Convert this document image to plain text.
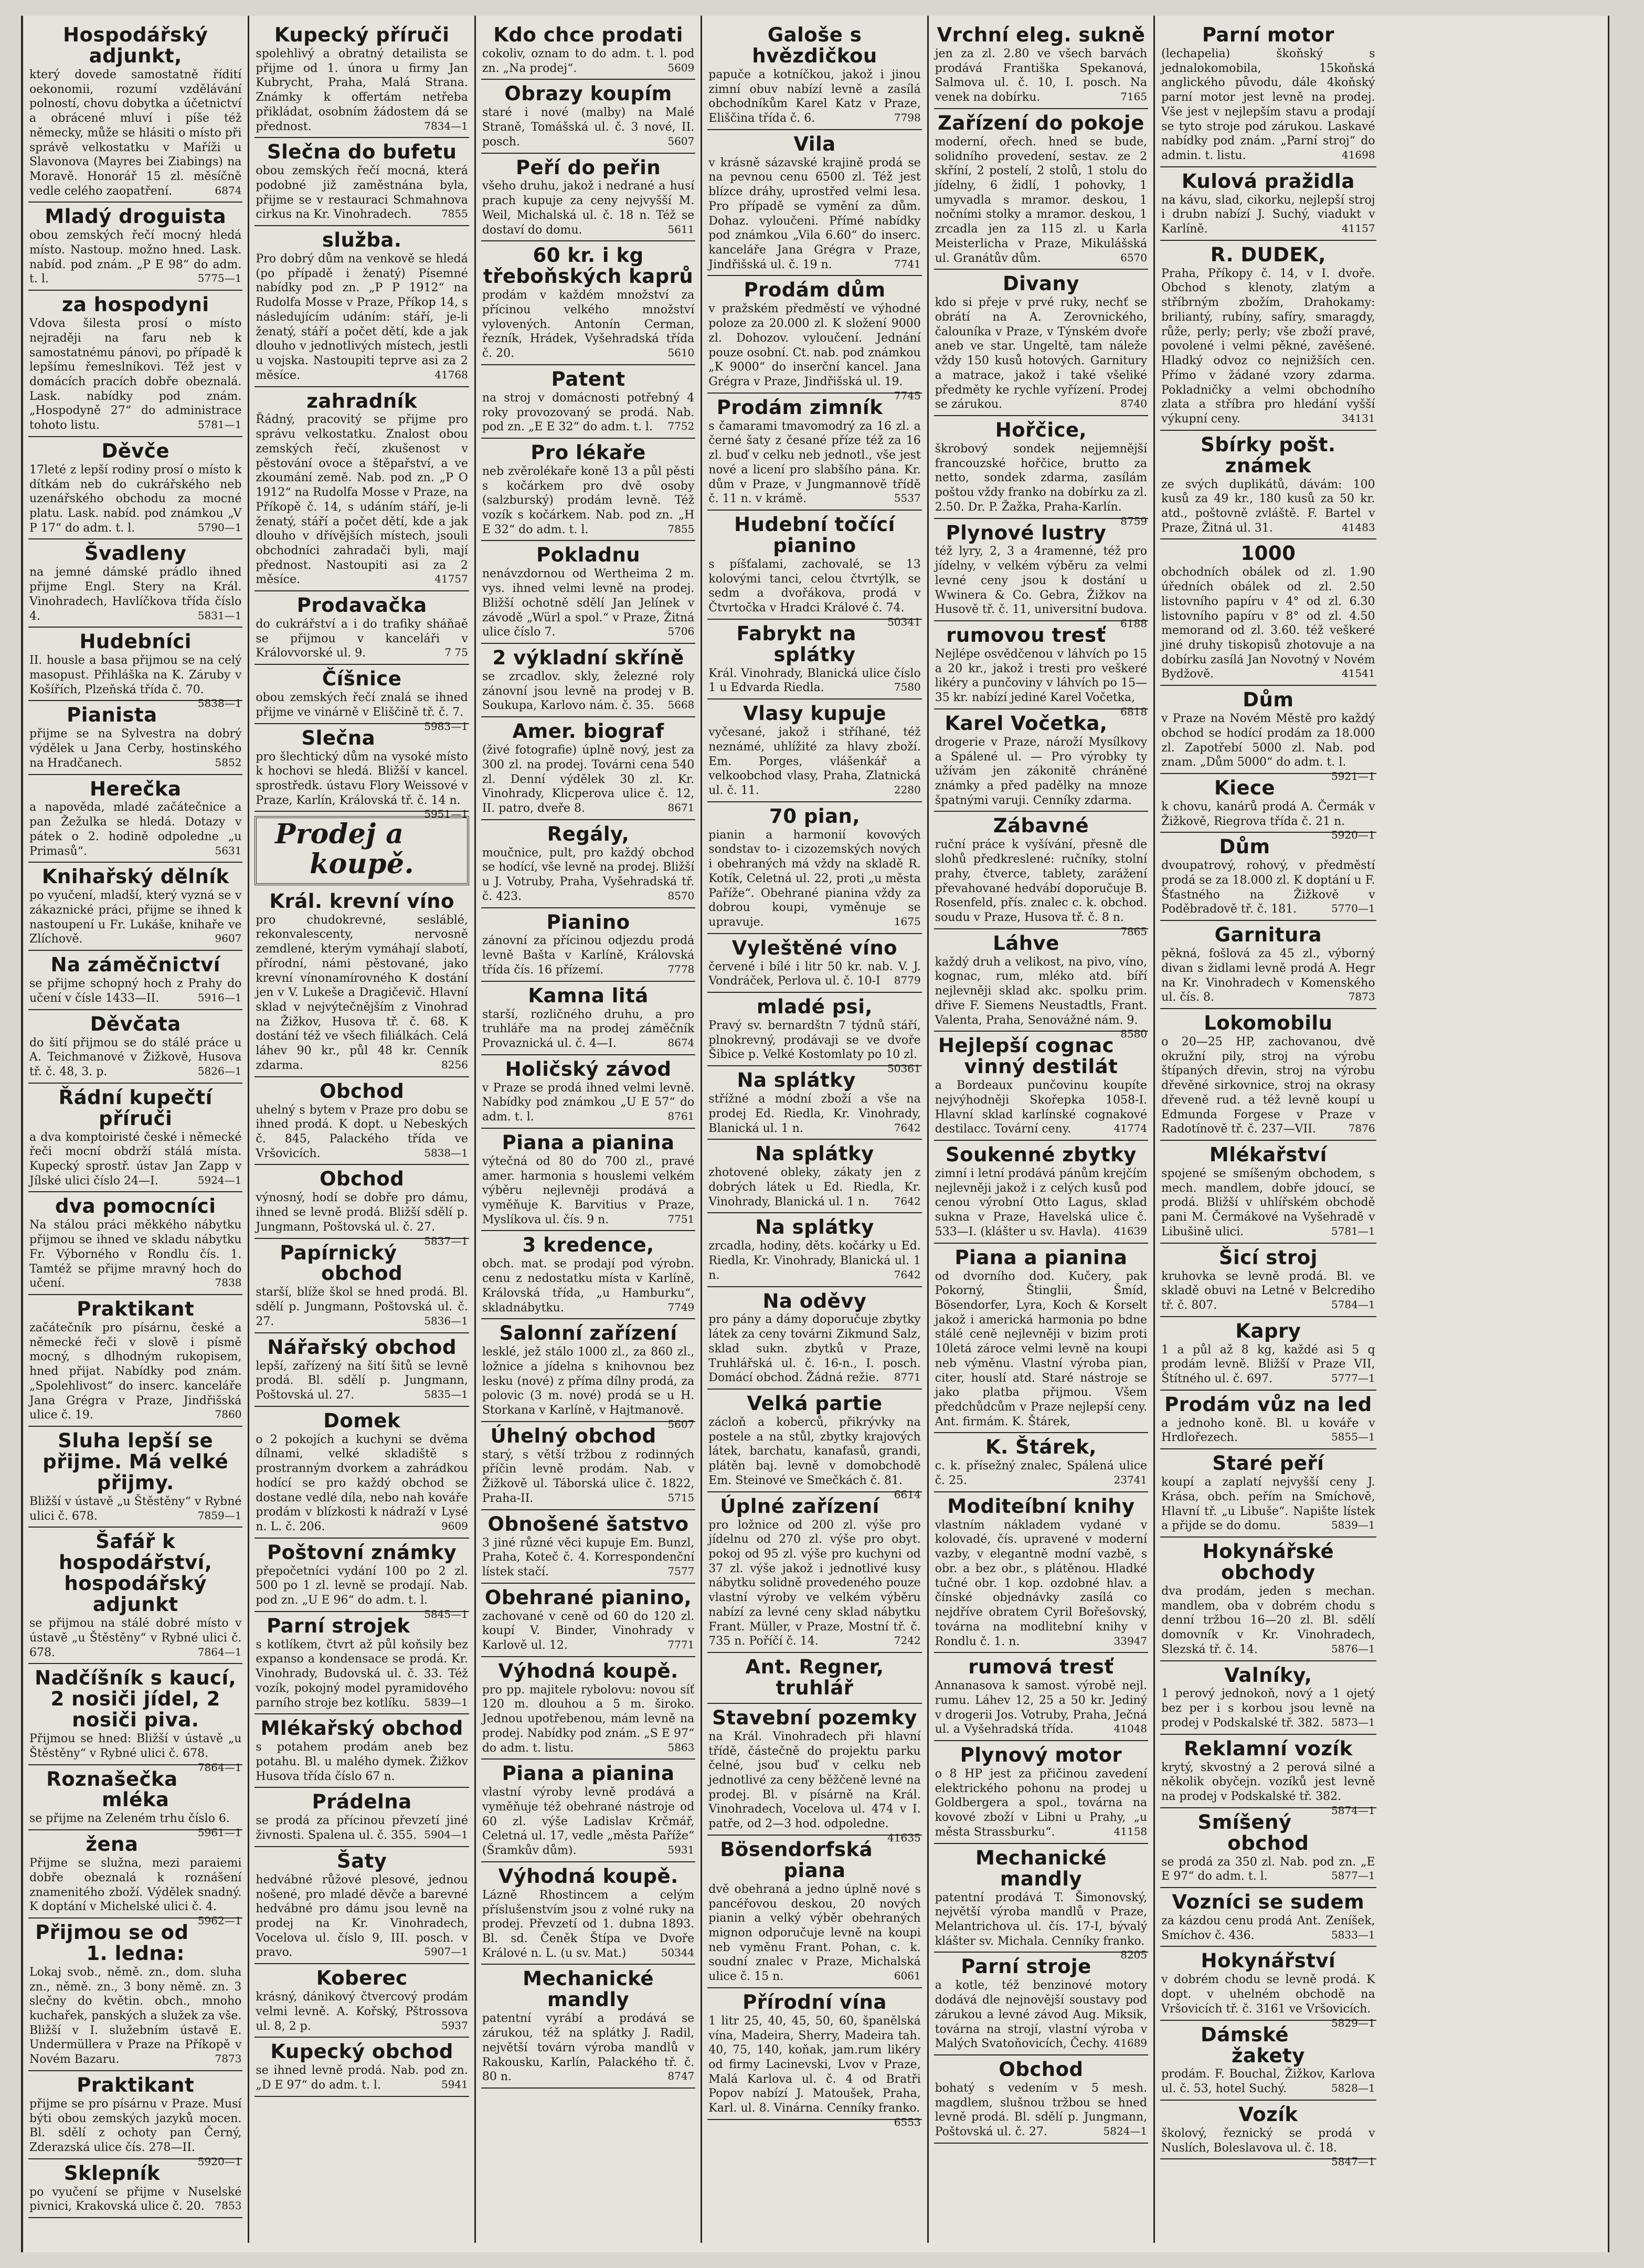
Hospodářský adjunkt,

který dovede samostatně řídití oekonomii, rozumí vzdělávání polností, chovu dobytka a účetnictví a obrácené mluví i píše též německy, může se hlásiti o místo při správě velkostatku v Maříži u Slavonova (Mayres bei Ziabings) na Moravě. Honorář 15 zl. měsíčně vedle celého zaopatření.	6874

Mladý droguista

obou zemských řečí mocný hledá místo. Nastoup. možno hned. Lask. nabíd. pod znám. „P E 98“ do adm. t. l.	5775—1

za hospodyni

Vdova šilesta prosí o místo nejraději na faru neb k samostatnému pánovi, po případě k lepšímu řemeslníkovi. Též jest v domácích pracích dobře obeznalá. Lask. nabídky pod znám. „Hospodyně 27“ do administrace tohoto listu.	5781—1

Děvče

17leté z lepší rodiny prosí o místo k dítkám neb do cukrářského neb uzenářského obchodu za mocné platu. Lask. nabíd. pod známkou „V P 17“ do adm. t. l.	5790—1

Švadleny

na jemné dámské prádlo ihned přijme Engl. Stery na Král. Vinohradech, Havlíčkova třída číslo 4.	5831—1

Hudebníci

II. housle a basa přijmou se na celý masopust. Přihláška na K. Záruby v Košířích, Plzeňská třída č. 70.
5838—1

Pianista

přijme se na Sylvestra na dobrý výdělek u Jana Cerby, hostinského na Hradčanech.	5852

Herečka

a napověda, mladé začátečnice a pan Žežulka se hledá. Dotazy v pátek o 2. hodině odpoledne „u Primasů“.	5631

Knihařský dělník

po vyučení, mladší, který vyzná se v zákaznické práci, přijme se ihned k nastoupení u Fr. Lukáše, knihaře ve Zlíchově.	9607

Na záměčnictví

se přijme schopný hoch z Prahy do učení v čísle 1433—II.	5916—1

Děvčata

do šití přijmou se do stálé práce u A. Teichmanové v Žižkově, Husova tř. č. 48, 3. p.	5826—1

Řádní kupečtí příruči

a dva komptoiristé české i německé řeči mocní obdrží stálá místa. Kupecký sprostř. ústav Jan Zapp v Jílské ulici číslo 24—I.	5924—1

dva pomocníci

Na stálou práci měkkého nábytku přijmou se ihned ve skladu nábytku Fr. Výborného v Rondlu čís. 1. Tamtéž se přijme mravný hoch do učení.	7838

Praktikant

začátečník pro písárnu, české a německé řeči v slově i písmě mocný, s dlhodným rukopisem, hned přijat. Nabídky pod znám. „Spolehlivost“ do inserc. kanceláře Jana Grégra v Praze, Jindřišská ulice č. 19.	7860

Sluha lepší se přijme. Má velké přijmy.

Bližší v ústavě „u Štěstěny“ v Rybné ulici č. 678.	7859—1

Šafář k hospodářství, hospodářský adjunkt

se přijmou na stálé dobré místo v ústavě „u Štěstěny“ v Rybné ulici č. 678.	7864—1

Nadčíšník s kaucí, 2 nosiči jídel, 2 nosiči piva.

Přijmou se hned: Bližší v ústavě „u Štěstěny“ v Rybné ulici č. 678.
7864—1

Roznašečka mléka

se přijme na Zeleném trhu číslo 6.
5961—1

žena

Přijme se služna, mezi paraiemi dobře obeznalá k roznášení znamenitého zboží. Výdělek snadný. K doptání v Michelské ulici č. 4.
5962—1

Přijmou se od 1. ledna:

Lokaj svob., němě. zn., dom. sluha zn., němě. zn., 3 bony němě. zn. 3 slečny do květin. obch., mnoho kuchařek, panských a služek za vše. Bližší v I. služebním ústavě E. Undermüllera v Praze na Příkopě v Novém Bazaru.	7873

Praktikant

přijme se pro písárnu v Praze. Musí býti obou zemských jazyků mocen. Bl. sdělí z ochoty pan Černý, Zderazská ulice čís. 278—II.
5920—1

Sklepník

po vyučení se přijme v Nuselské pivnici, Krakovská ulice č. 20. 7853

Kupecký příruči

spolehlivý a obratný detailista se přijme od 1. února u firmy Jan Kubrycht, Praha, Malá Strana. Známky k offertám netřeba přikládat, osobním žádostem dá se přednost.	7834—1

Slečna do bufetu

obou zemských řečí mocná, která podobné již zaměstnána byla, přijme se v restauraci Schmahnova cirkus na Kr. Vinohradech.	7855

služba.

Pro dobrý dům na venkově se hledá (po případě i ženatý) Písemné nabídky pod zn. „P P 1912“ na Rudolfa Mosse v Praze, Příkop 14, s následujícím udáním: stáří, je-li ženatý, stáří a počet dětí, kde a jak dlouho v jednotlivých místech, jestli u vojska. Nastoupiti teprve asi za 2 měsíce.	41768

zahradník

Řádný, pracovitý se přijme pro správu velkostatku. Znalost obou zemských řečí, zkušenost v pěstování ovoce a štěpařství, a ve zkoumání země. Nab. pod zn. „P O 1912“ na Rudolfa Mosse v Praze, na Příkopě č. 14, s udáním stáří, je-li ženatý, stáří a počet dětí, kde a jak dlouho v dřívějších místech, jsouli obchodníci zahradači byli, mají přednost. Nastoupiti asi za 2 měsíce.	41757

Prodavačka

do cukrářství a i do trafiky sháňaě se přijmou v kanceláři v Královvorské ul. 9.	7 75

Číšnice

obou zemských řečí znalá se ihned přijme ve vinárně v Eliščině tř. č. 7.
5983—1

Slečna

pro šlechtický dům na vysoké místo k hochovi se hledá. Bližší v kancel. sprostředk. ústavu Flory Weissové v Praze, Karlín, Královská tř. č. 14 n.
5951—1

Prodej a koupě.
Král. krevní víno

pro chudokrevné, sesláblé, rekonvalescenty, nervosně zemdlené, kterým vymáhají slabotí, přírodní, námi pěstované, jako krevní vínonamírovného K dostání jen v V. Lukeše a Dragičevič. Hlavní sklad v nejvýtečnějším z Vinohrad na Žižkov, Husova tř. č. 68. K dostání též ve všech filiálkách. Celá láhev 90 kr., půl 48 kr. Cenník zdarma.	8256

Obchod

uhelný s bytem v Praze pro dobu se ihned prodá. K dopt. u Nebeských č. 845, Palackého třída ve Vršovicích.	5838—1

Obchod

výnosný, hodí se dobře pro dámu, ihned se levně prodá. Bližší sdělí p. Jungmann, Poštovská ul. č. 27.
5837—1

Papírnický obchod

starší, blíže škol se hned prodá. Bl. sdělí p. Jungmann, Poštovská ul. č. 27.	5836—1

Nářařský obchod

lepší, zařízený na šití šitů se levně prodá. Bl. sdělí p. Jungmann, Poštovská ul. 27.	5835—1

Domek

o 2 pokojích a kuchyni se dvěma dílnami, velké skladiště s prostranným dvorkem a zahrádkou hodící se pro každý obchod se dostane vedlé díla, nebo nah kováře prodám v blízkosti k nádraží v Lysé n. L. č. 206.	9609

Poštovní známky

přepočetníci vydání 100 po 2 zl. 500 po 1 zl. levně se prodají. Nab. pod zn. „U E 96“ do adm. t. l.
5845—1

Parní strojek

s kotlíkem, čtvrt až půl koňsily bez expanso a kondensace se prodá. Kr. Vinohrady, Budovská ul. č. 33. Též vozík, pokojný model pyramidového parního stroje bez kotlíku. 5839—1

Mlékařský obchod

s potahem prodám aneb bez potahu. Bl. u malého dymek. Žižkov Husova třída číslo 67 n.

Prádelna

se prodá za přícinou převzetí jiné živnosti. Spalena ul. č. 355. 5904—1

Šaty

hedvábné růžové plesové, jednou nošené, pro mladé děvče a barevné hedvábné pro dámu jsou levně na prodej na Kr. Vinohradech, Vocelova ul. číslo 9, III. posch. v pravo.	5907—1

Koberec

krásný, dánikový čtvercový prodám velmi levně. A. Kořský, Pštrossova ul. 8, 2 p.	5937

Kupecký obchod

se ihned levně prodá. Nab. pod zn. „D E 97“ do adm. t. l.	5941

Kdo chce prodati

cokoliv, oznam to do adm. t. l. pod zn. „Na prodej“.	5609

Obrazy koupím

staré i nové (malby) na Malé Straně, Tomášská ul. č. 3 nové, II. posch.	5607

Peří do peřin

všeho druhu, jakož i nedrané a husí prach kupuje za ceny nejvyšší M. Weil, Michalská ul. č. 18 n. Též se dostaví do domu.	5611

60 kr. i kg třeboňských kaprů

prodám v každém množství za přícinou velkého množství vylovených. Antonín Cerman, řezník, Hrádek, Vyšehradská třída č. 20.	5610

Patent

na stroj v domácnosti potřebný 4 roky provozovaný se prodá. Nab. pod zn. „E E 32“ do adm. t. l. 7752

Pro lékaře

neb zvěrolékaře koně 13 a půl pěsti s kočárkem pro dvě osoby (salzburský) prodám levně. Též vozík s kočárkem. Nab. pod zn. „H E 32“ do adm. t. l.	7855

Pokladnu

nenávzdornou od Wertheima 2 m. vys. ihned velmi levně na prodej. Bližší ochotně sdělí Jan Jelínek v závodě „Würl a spol.“ v Praze, Žitná ulice číslo 7.	5706

2 výkladní skříně

se zrcadlov. skly, železné roly zánovní jsou levně na prodej v B. Soukupa, Karlovo nám. č. 35. 5668

Amer. biograf

(živé fotografie) úplně nový, jest za 300 zl. na prodej. Továrni cena 540 zl. Denní výdělek 30 zl. Kr. Vinohrady, Klicperova ulice č. 12, II. patro, dveře 8.	8671

Regály,

moučnice, pult, pro každý obchod se hodící, vše levně na prodej. Bližší u J. Votruby, Praha, Vyšehradská tř. č. 423.	8570

Pianino

zánovní za přícinou odjezdu prodá levně Bašta v Karlíně, Královská třída čís. 16 přízemí.	7778

Kamna litá

starší, rozličného druhu, a pro truhláře ma na prodej záměčník Provaznická ul. č. 4—I.	8674

Holičský závod

v Praze se prodá ihned velmi levně. Nabídky pod známkou „U E 57“ do adm. t. l.	8761

Piana a pianina

výtečná od 80 do 700 zl., pravé amer. harmonia s houslemi velkém výběru nejlevněji prodává a vyměňuje K. Barvitius v Praze, Myslíkova ul. čís. 9 n.	7751

3 kredence,

obch. mat. se prodají pod výrobn. cenu z nedostatku místa v Karlíně, Královská třída, „u Hamburku“, skladnábytku.	7749

Salonní zařízení

lesklé, jež stálo 1000 zl., za 860 zl., ložnice a jídelna s knihovnou bez lesku (nové) z příma dílny prodá, za polovic (3 m. nové) prodá se u H. Storkana v Karlíně, v Hajtmanově.
5607

Úhelný obchod

starý, s větší tržbou z rodinných příčin levně prodám. Nab. v Žižkově ul. Táborská ulice č. 1822, Praha-II.	5715

Obnošené šatstvo

3 jiné různé věci kupuje Em. Bunzl, Praha, Koteč č. 4. Korrespondenční lístek stačí.	7577

Obehrané pianino,

zachované v ceně od 60 do 120 zl. koupí V. Binder, Vinohrady v Karlově ul. 12.	7771

Výhodná koupě.

pro pp. majitele rybolovu: novou síť 120 m. dlouhou a 5 m. široko. Jednou upotřebenou, mám levně na prodej. Nabídky pod znám. „S E 97“ do adm. t. listu.	5863

Piana a pianina

vlastní výroby levně prodává a vyměňuje též obehrané nástroje od 60 zl. výše Ladislav Krčmář, Celetná ul. 17, vedle „města Paříže“ (Šramkův dům).	5931

Výhodná koupě.

Lázně Rhostincem a celým příslušenstvím jsou z volné ruky na prodej. Převzetí od 1. dubna 1893. Bl. sd. Čeněk Štípa ve Dvoře Králové n. L. (u sv. Mat.)	50344

Mechanické mandly

patentní vyrábí a prodává se zárukou, též na splátky J. Radil, největší továrn výroba mandlů v Rakousku, Karlín, Palackého tř. č. 80 n.	8747

Galoše s hvězdičkou

papuče a kotníčkou, jakož i jinou zimní obuv nabízí levně a zasílá obchodníkům Karel Katz v Praze, Eliščina třída č. 6.	7798

Vila

v krásně sázavské krajině prodá se na pevnou cenu 6500 zl. Též jest blízce dráhy, uprostřed velmi lesa. Pro případě se vymění za dům. Dohaz. vyloučeni. Přímé nabídky pod známkou „Vila 6.60“ do inserc. kanceláře Jana Grégra v Praze, Jindřišská ul. č. 19 n.	7741

Prodám dům

v pražském předměstí ve výhodné poloze za 20.000 zl. K složení 9000 zl. Dohozov. vyloučení. Jednání pouze osobní. Ct. nab. pod známkou „K 9000“ do inserční kancel. Jana Grégra v Praze, Jindřišská ul. 19.
7745

Prodám zimník

s čamarami tmavomodrý za 16 zl. a černé šaty z česané příze též za 16 zl. buď v celku neb jednotl., vše jest nové a licení pro slabšího pána. Kr. dům v Praze, v Jungmannově třídě č. 11 n. v krámě.	5537

Hudební točící pianino

s píšťalami, zachovalé, se 13 kolovými tanci, celou čtvrtýlk, se sedm a dvořákova, prodá v Čtvrtočka v Hradci Králové č. 74.
50341

Fabrykt na splátky

Král. Vinohrady, Blanická ulice číslo 1 u Edvarda Riedla.	7580

Vlasy kupuje

vyčesané, jakož i stříhané, též neznámé, uhlížité za hlavy zboží. Em. Porges, vlášenkář a velkoobchod vlasy, Praha, Zlatnická ul. č. 11.	2280

70 pian,

pianin a harmonií kovových sondstav to- i cizozemských nových i obehraných má vždy na skladě R. Kotík, Celetná ul. 22, proti „u města Paříže“. Obehrané pianina vždy za dobrou koupi, vyměnuje se upravuje.	1675

Vyleštěné víno

červené i bílé i litr 50 kr. nab. V. J. Vondráček, Perlova ul. č. 10-I 8779

mladé psi,

Pravý sv. bernardštn 7 týdnů stáří, plnokrevný, prodávaji se ve dvoře Šibice p. Velké Kostomlaty po 10 zl.
50361

Na splátky

střížné a módní zboží a vše na prodej Ed. Riedla, Kr. Vinohrady, Blanická ul. 1 n.	7642

Na splátky

zhotovené obleky, zákaty jen z dobrých látek u Ed. Riedla, Kr. Vinohrady, Blanická ul. 1 n. 7642

Na splátky

zrcadla, hodiny, děts. kočárky u Ed. Riedla, Kr. Vinohrady, Blanická ul. 1 n.	7642

Na oděvy

pro pány a dámy doporučuje zbytky látek za ceny továrni Zikmund Salz, sklad sukn. zbytků v Praze, Truhlářská ul. č. 16-n., I. posch. Domácí obchod. Žádná režie. 8771

Velká partie

zácloň a koberců, přikrývky na postele a na stůl, zbytky krajových látek, barchatu, kanafasů, grandi, plátěn baj. levně v domobchodě Em. Steinové ve Smečkách č. 81.
6614

Úplné zařízení

pro ložnice od 200 zl. výše pro jídelnu od 270 zl. výše pro obyt. pokoj od 95 zl. výše pro kuchyni od 37 zl. výše jakož i jednotlivé kusy nábytku solidně provedeného pouze vlastní výroby ve velkém výběru nabízí za levné ceny sklad nábytku Frant. Müller, v Praze, Mostní tř. č. 735 n. Poříčí č. 14.	7242

Ant. Regner, truhlář
Stavební pozemky

na Král. Vinohradech při hlavní třídě, částečně do projektu parku čelné, jsou buď v celku neb jednotlivé za ceny běžčeně levné na prodej. Bl. v písárně na Král. Vinohradech, Vocelova ul. 474 v I. patře, od 2—3 hod. odpoledne.
41635

Bösendorfská piana

dvě obehraná a jedno úplně nové s pancéřovou deskou, 20 nových pianin a velký výběr obehraných mignon odporučuje levně na koupi neb vyměnu Frant. Pohan, c. k. soudní znalec v Praze, Michalská ulice č. 15 n.	6061

Přírodní vína

1 litr 25, 40, 45, 50, 60, španělská vína, Madeira, Sherry, Madeira tah. 40, 75, 140, koňak, jam.rum likéry od firmy Lacinevski, Lvov v Praze, Malá Karlova ul. č. 4 od Bratři Popov nabízí J. Matoušek, Praha, Karl. ul. 8. Vinárna. Cenníky franko.
6553

Vrchní eleg. sukně

jen za zl. 2.80 ve všech barvách prodává Františka Spekanová, Salmova ul. č. 10, I. posch. Na venek na dobírku.	7165

Zařízení do pokoje

moderní, ořech. hned se bude, solidního provedení, sestav. ze 2 skříní, 2 postelí, 2 stolů, 1 stolu do jídelny, 6 židlí, 1 pohovky, 1 umyvadla s mramor. deskou, 1 nočními stolky a mramor. deskou, 1 zrcadla jen za 115 zl. u Karla Meisterlicha v Praze, Mikulášská ul. Granátův dům.	6570

Divany

kdo si přeje v prvé ruky, nechť se obrátí na A. Zerovnického, čalouníka v Praze, v Týnském dvoře aneb ve star. Ungeltě, tam náleže vždy 150 kusů hotových. Garnitury a matrace, jakož i také všeliké předměty ke rychle vyřízení. Prodej se zárukou.	8740

Hořčice,

škrobový sondek nejjemnější francouzské hořčice, brutto za netto, sondek zdarma, zasílám poštou vždy franko na dobírku za zl. 2.50. Dr. P. Žažka, Praha-Karlín.
8759

Plynové lustry

též lyry, 2, 3 a 4ramenné, též pro jídelny, v velkém výběru za velmi levné ceny jsou k dostání u Wwinera & Co. Gebra, Žižkov na Husově tř. č. 11, universitní budova.
6188

rumovou tresť

Nejlépe osvědčenou v láhvích po 15 a 20 kr., jakož i tresti pro veškeré likéry a punčoviny v láhvích po 15—35 kr. nabízí jediné Karel Vočetka,
6818

Karel Vočetka,

drogerie v Praze, nároží Mysílkovy a Spálené ul. — Pro výrobky ty užívám jen zákonitě chráněné známky a před padělky na mnoze špatnými varuji. Cenníky zdarma.

Zábavné

ruční práce k vyšívání, přesně dle slohů předkreslené: ručníky, stolní prahy, čtverce, tablety, zarážení převahované hedvábí doporučuje B. Rosenfeld, přís. znalec c. k. obchod. soudu v Praze, Husova tř. č. 8 n.
7865

Láhve

každý druh a velikost, na pivo, víno, kognac, rum, mléko atd. bíří nejlevněji sklad akc. spolku prim. dřive F. Siemens Neustadtls, Frant. Valenta, Praha, Senovážné nám. 9.
8580

Hejlepší cognac vinný destilát

a Bordeaux punčovinu koupíte nejvýhodněji Skořepka 1058-I. Hlavní sklad karlínské cognakové destilacc. Tovární ceny.	41774

Soukenné zbytky

zimní i letní prodává pánům krejčím nejlevněji jakož i z celých kusů pod cenou výrobní Otto Lagus, sklad sukna v Praze, Havelská ulice č. 533—I. (klášter u sv. Havla). 41639

Piana a pianina

od dvorního dod. Kučery, pak Pokorný, Štinglii, Šmíd, Bösendorfer, Lyra, Koch & Korselt jakož i americká harmonia po bdne stálé ceně nejlevněji v bizim proti 10letá zároce velmi levně na koupi neb výměnu. Vlastní výroba pian, citer, houslí atd. Staré nástroje se jako platba přijmou. Všem předchůdcům v Praze nejlepší ceny. Ant. firmám. K. Štárek,

K. Štárek,

c. k. přísežný znalec, Spálená ulice č. 25.	23741

Moditeíbní knihy

vlastním nákladem vydané v kolovadé, čís. upravené v moderní vazby, v elegantně modní vazbě, s obr. a bez obr., s plátěnou. Hladké tučné obr. 1 kop. ozdobné hlav. a čínské objednávky zasílá co nejdříve obratem Cyril Bořešovský, továrna na modlitební knihy v Rondlu č. 1. n.	33947

rumová tresť

Annanasova k samost. výrobě nejl. rumu. Láhev 12, 25 a 50 kr. Jediný v drogerii Jos. Votruby, Praha, Ječná ul. a Vyšehradská třída.	41048

Plynový motor

o 8 HP jest za přičinou zavedení elektrického pohonu na prodej u Goldbergera a spol., továrna na kovové zboží v Libni u Prahy, „u města Strassburku“.	41158

Mechanické mandly

patentní prodává T. Šimonovský, největší výroba mandlů v Praze, Melantrichova ul. čís. 17-I, bývalý klášter sv. Michala. Cenníky franko.
8205

Parní stroje

a kotle, též benzinové motory dodává dle nejnovější soustavy pod zárukou a levné závod Aug. Miksik, továrna na strojí, vlastní výroba v Malých Svatoňovicích, Čechy. 41689

Obchod

bohatý s vedením v 5 mesh. magdlem, slušnou tržbou se hned levně prodá. Bl. sdělí p. Jungmann, Poštovská ul. č. 27.	5824—1

Parní motor

(lechapelia) škoňský s jednalokomobila, 15koňská anglického původu, dále 4koňský parní motor jest levně na prodej. Vše jest v nejlepším stavu a prodají se tyto stroje pod zárukou. Laskavé nabídky pod znám. „Parní stroj“ do admin. t. listu.	41698

Kulová pražidla

na kávu, slad, cikorku, nejlepší stroj i drubn nabízí J. Suchý, viadukt v Karlíně.	41157

R. DUDEK,

Praha, Příkopy č. 14, v I. dvoře. Obchod s klenoty, zlatým a stříbrným zbožím, Drahokamy: briliantý, rubíny, safíry, smaragdy, růže, perly; perly; vše zboží pravé, povolené i velmi pěkné, zavěšené. Hladký odvoz co nejnižších cen. Přímo v žádané vzory zdarma. Pokladničky a velmi obchodního zlata a stříbra pro hledání vyšší výkupní ceny.	34131

Sbírky pošt. známek

ze svých duplikátů, dávám: 100 kusů za 49 kr., 180 kusů za 50 kr. atd., poštovně zvláště. F. Bartel v Praze, Žitná ul. 31.	41483

1000

obchodních obálek od zl. 1.90 úředních obálek od zl. 2.50 listovního papíru v 4° od zl. 6.30 listovního papíru v 8° od zl. 4.50 memorand od zl. 3.60. též veškeré jiné druhy tiskopisů zhotovuje a na dobírku zasílá Jan Novotný v Novém Bydžově.	41541

Dům

v Praze na Novém Městě pro každý obchod se hodící prodám za 18.000 zl. Zapotřebí 5000 zl. Nab. pod znam. „Dům 5000“ do adm. t. l.
5921—1

Kiece

k chovu, kanárů prodá A. Čermák v Žižkově, Riegrova třída č. 21 n.
5920—1

Dům

dvoupatrový, rohový, v předměstí prodá se za 18.000 zl. K doptání u F. Šťastného na Žižkově v Poděbradově tř. č. 181.	5770—1

Garnitura

pěkná, fošlová za 45 zl., výborný divan s židlami levně prodá A. Hegr na Kr. Vinohradech v Komenského ul. čís. 8.	7873

Lokomobilu

o 20—25 HP, zachovanou, dvě okružní pily, stroj na výrobu štípaných dřevin, stroj na výrobu dřevěné sirkovnice, stroj na okrasy dřeveně rud. a též levně koupí u Edmunda Forgese v Praze v Radotínově tř. č. 237—VII.	7876

Mlékařství

spojené se smíšeným obchodem, s mech. mandlem, dobře jdoucí, se prodá. Bližší v uhlířském obchodě pani M. Čermákové na Vyšehradě v Libušině ulici.	5781—1

Šicí stroj

kruhovka se levně prodá. Bl. ve skladě obuvi na Letné v Belcrediho tř. č. 807.	5784—1

Kapry

1 a půl až 8 kg, každé asi 5 q prodám levně. Bližší v Praze VII, Štítného ul. č. 697.	5777—1

Prodám vůz na led

a jednoho koně. Bl. u kováře v Hrdlořezech.	5855—1

Staré peří

koupí a zaplatí nejvyšší ceny J. Krása, obch. peřím na Smíchově, Hlavní tř. „u Libuše“. Napište lístek a přijde se do domu.	5839—1

Hokynářské obchody

dva prodám, jeden s mechan. mandlem, oba v dobrém chodu s denní tržbou 16—20 zl. Bl. sdělí domovník v Kr. Vinohradech, Slezská tř. č. 14.	5876—1

Valníky,

1 perový jednokoň, nový a 1 ojetý bez per i s korbou jsou levně na prodej v Podskalské tř. 382. 5873—1

Reklamní vozík

krytý, skvostný a 2 perová silné a několik obyčejn. vozíků jest levně na prodej v Podskalské tř. 382.
5874—1

Smíšený obchod

se prodá za 350 zl. Nab. pod zn. „E E 97“ do adm. t. l.	5877—1

Vozníci se sudem

za kázdou cenu prodá Ant. Zeníšek, Smíchov č. 436.	5833—1

Hokynářství

v dobrém chodu se levně prodá. K dopt. v uhelném obchodě na Vršovicích tř. č. 3161 ve Vršovicích.
5829—1

Dámské žakety

prodám. F. Bouchal, Žižkov, Karlova ul. č. 53, hotel Suchý.	5828—1

Vozík

školový, řeznický se prodá v Nuslích, Boleslavova ul. č. 18.
5847—1
